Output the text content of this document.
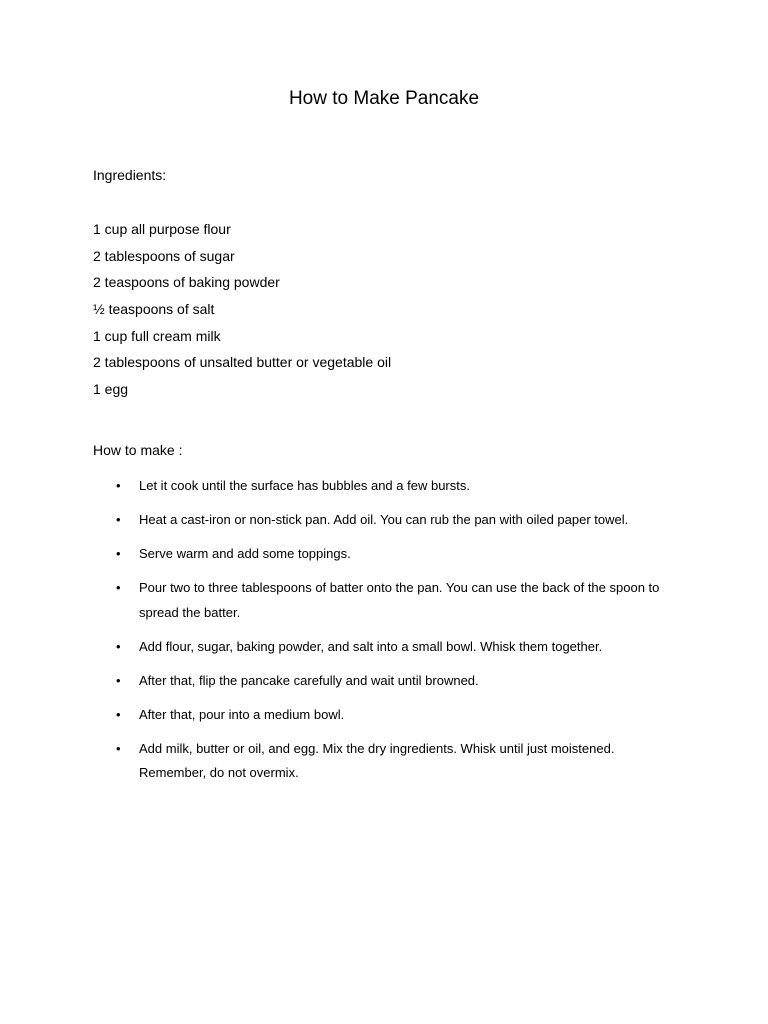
How to Make Pancake

Ingredients:

1 cup all purpose flour
2 tablespoons of sugar
2 teaspoons of baking powder
½ teaspoons of salt
1 cup full cream milk
2 tablespoons of unsalted butter or vegetable oil
1 egg

How to make :

• Let it cook until the surface has bubbles and a few bursts.
• Heat a cast-iron or non-stick pan. Add oil. You can rub the pan with oiled paper towel.
• Serve warm and add some toppings.
• Pour two to three tablespoons of batter onto the pan. You can use the back of the spoon to spread the batter.
• Add flour, sugar, baking powder, and salt into a small bowl. Whisk them together.
• After that, flip the pancake carefully and wait until browned.
• After that, pour into a medium bowl.
• Add milk, butter or oil, and egg. Mix the dry ingredients. Whisk until just moistened. Remember, do not overmix.
